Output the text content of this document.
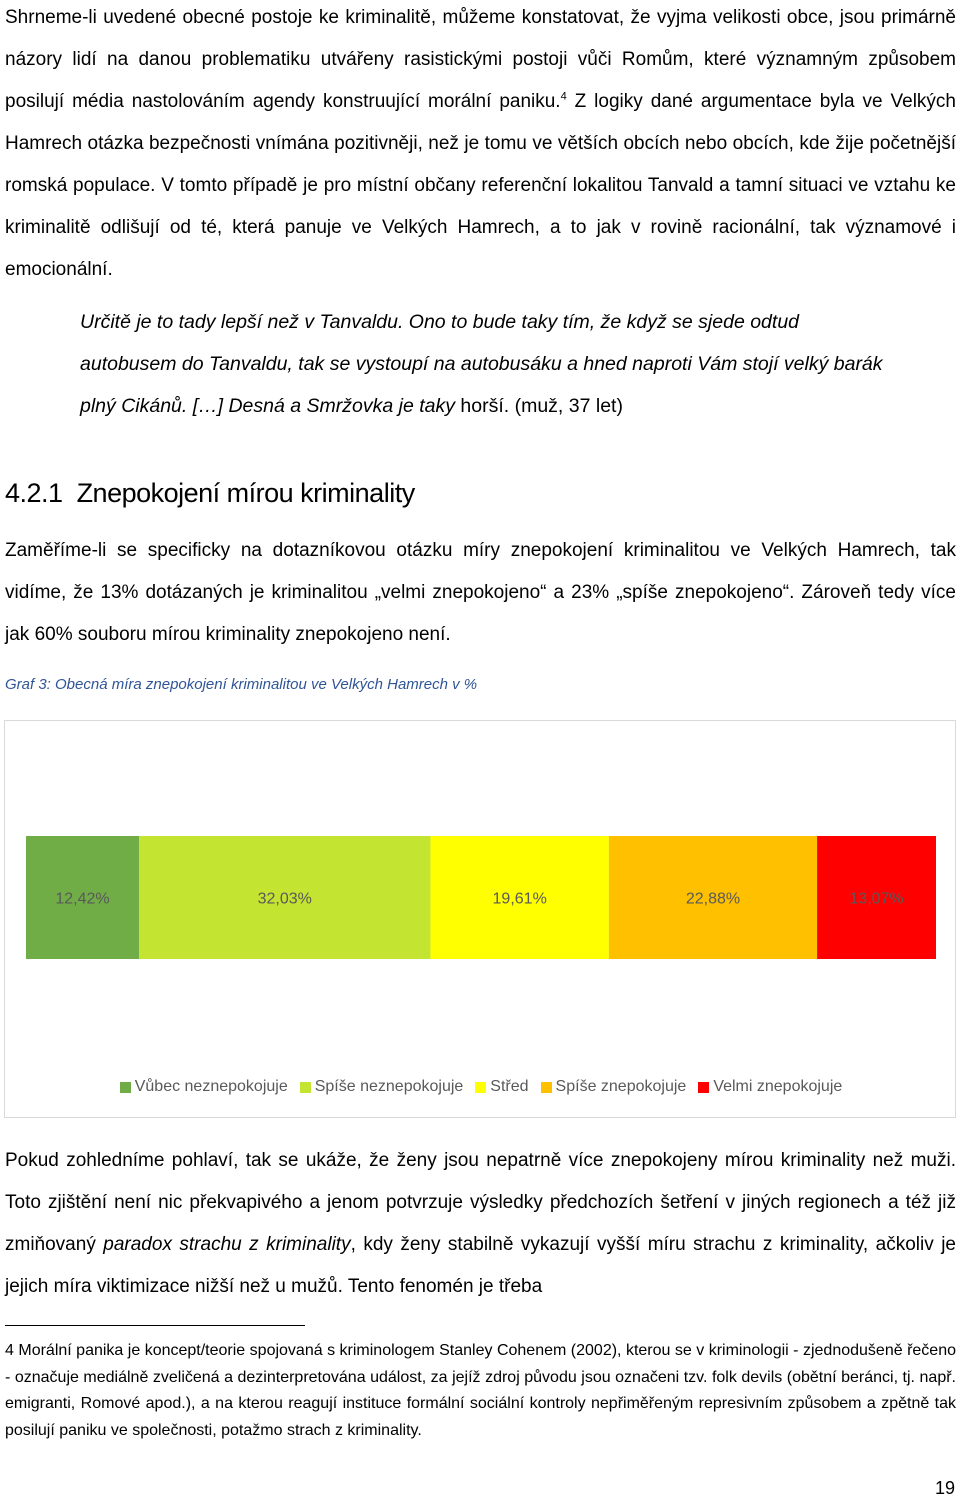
Shrneme-li uvedené obecné postoje ke kriminalitě, můžeme konstatovat, že vyjma velikosti obce, jsou primárně názory lidí na danou problematiku utvářeny rasistickými postoji vůči Romům, které významným způsobem posilují média nastolováním agendy konstruující morální paniku.$^4$ Z logiky dané argumentace byla ve Velkých Hamrech otázka bezpečnosti vnímána pozitivněji, než je tomu ve větších obcích nebo obcích, kde žije početnější romská populace. V tomto případě je pro místní občany referenční lokalitou Tanvald a tamní situaci ve vztahu ke kriminalitě odlišují od té, která panuje ve Velkých Hamrech, a to jak v rovině racionální, tak významové i emocionální.

Určitě je to tady lepší než v Tanvaldu. Ono to bude taky tím, že když se sjede odtud autobusem do Tanvaldu, tak se vystoupí na autobusáku a hned naproti Vám stojí velký barák plný Cikánů. […] Desná a Smržovka je taky horší. (muž, 37 let)

4.2.1 Znepokojení mírou kriminality

Zaměříme-li se specificky na dotazníkovou otázku míry znepokojení kriminalitou ve Velkých Hamrech, tak vidíme, že 13% dotázaných je kriminalitou „velmi znepokojeno“ a 23% „spíše znepokojeno“. Zároveň tedy více jak 60% souboru mírou kriminality znepokojeno není.

Graf 3: Obecná míra znepokojení kriminalitou ve Velkých Hamrech v %

12,42%	32,03%	19,61%	22,88%	13,07%
Vůbec neznepokojuje Spíše neznepokojuje Střed Spíše znepokojuje Velmi znepokojuje

Pokud zohledníme pohlaví, tak se ukáže, že ženy jsou nepatrně více znepokojeny mírou kriminality než muži. Toto zjištění není nic překvapivého a jenom potvrzuje výsledky předchozích šetření v jiných regionech a též již zmiňovaný paradox strachu z kriminality, kdy ženy stabilně vykazují vyšší míru strachu z kriminality, ačkoliv je jejich míra viktimizace nižší než u mužů. Tento fenomén je třeba

4 Morální panika je koncept/teorie spojovaná s kriminologem Stanley Cohenem (2002), kterou se v kriminologii - zjednodušeně řečeno - označuje mediálně zveličená a dezinterpretována událost, za jejíž zdroj původu jsou označeni tzv. folk devils (obětní beránci, tj. např. emigranti, Romové apod.), a na kterou reagují instituce formální sociální kontroly nepřiměřeným represivním způsobem a zpětně tak posilují paniku ve společnosti, potažmo strach z kriminality.

19
